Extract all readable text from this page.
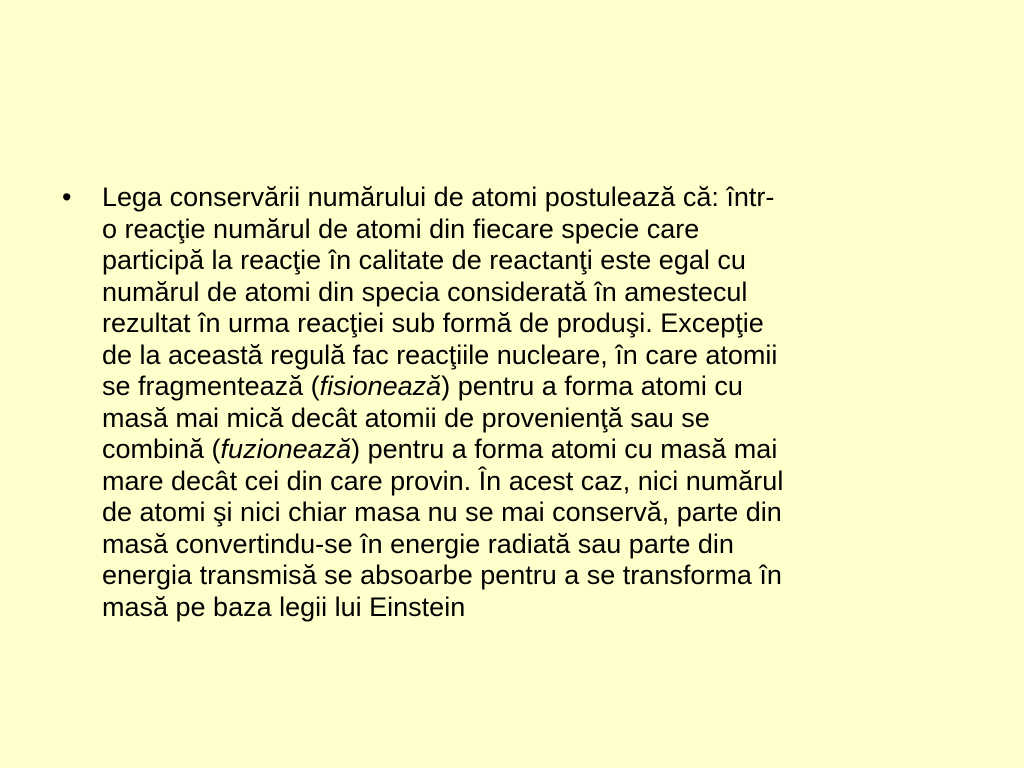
•	Lega conservării numărului de atomi postulează că: într-
o reacţie numărul de atomi din fiecare specie care
participă la reacţie în calitate de reactanţi este egal cu
numărul de atomi din specia considerată în amestecul
rezultat în urma reacţiei sub formă de produşi. Excepţie
de la această regulă fac reacţiile nucleare, în care atomii
se fragmentează (fisionează) pentru a forma atomi cu
masă mai mică decât atomii de provenienţă sau se
combină (fuzionează) pentru a forma atomi cu masă mai
mare decât cei din care provin. În acest caz, nici numărul
de atomi şi nici chiar masa nu se mai conservă, parte din
masă convertindu-se în energie radiată sau parte din
energia transmisă se absoarbe pentru a se transforma în
masă pe baza legii lui Einstein
